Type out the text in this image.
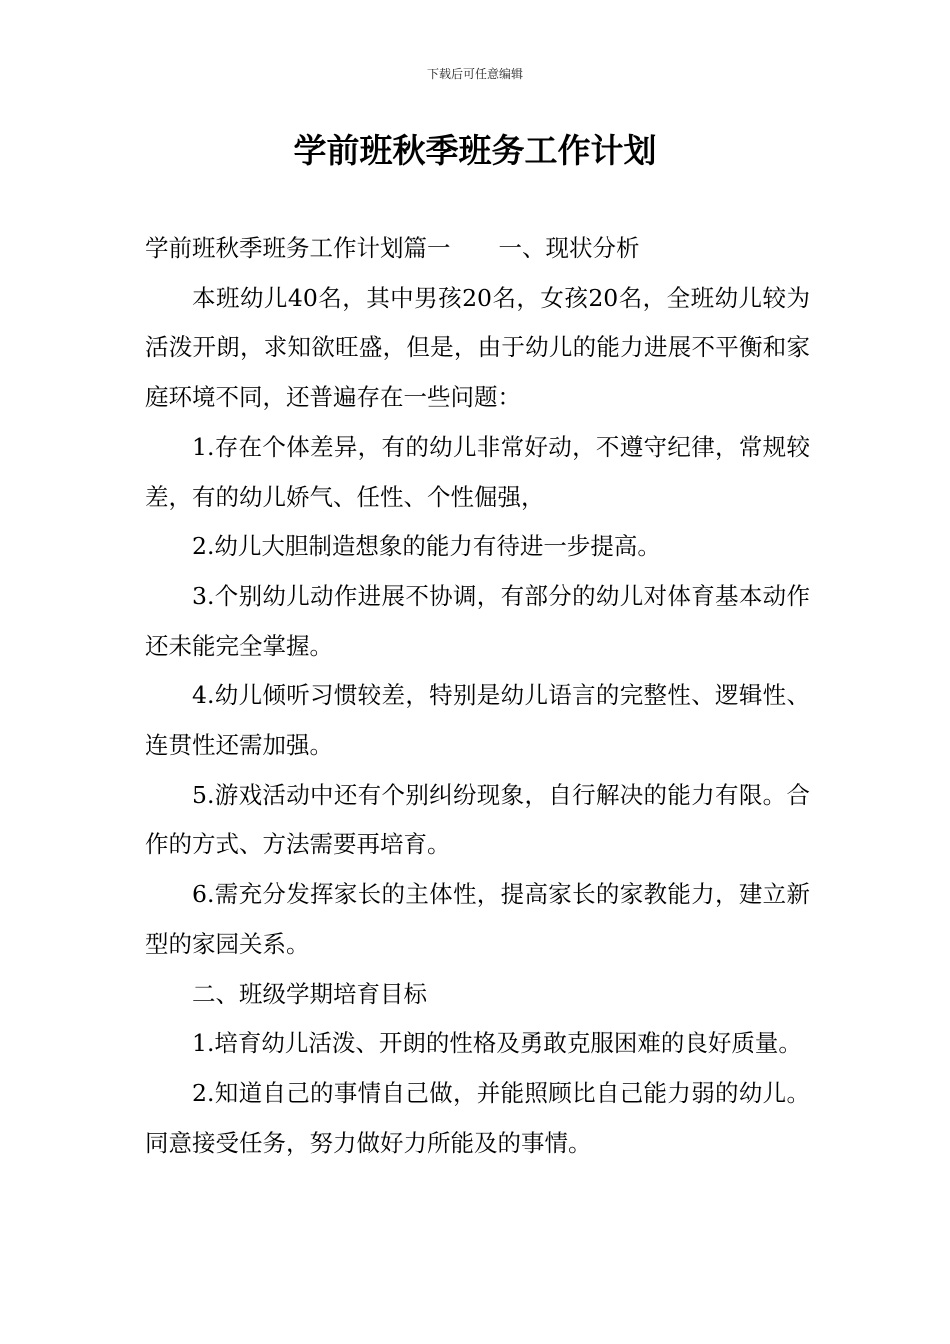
下载后可任意编辑
学前班秋季班务工作计划

学前班秋季班务工作计划篇一 一、现状分析

本班幼儿40名，其中男孩20名，女孩20名，全班幼儿较为活泼开朗，求知欲旺盛，但是，由于幼儿的能力进展不平衡和家庭环境不同，还普遍存在一些问题：

1.存在个体差异，有的幼儿非常好动，不遵守纪律，常规较差，有的幼儿娇气、任性、个性倔强，

2.幼儿大胆制造想象的能力有待进一步提高。

3.个别幼儿动作进展不协调，有部分的幼儿对体育基本动作还未能完全掌握。

4.幼儿倾听习惯较差，特别是幼儿语言的完整性、逻辑性、连贯性还需加强。

5.游戏活动中还有个别纠纷现象，自行解决的能力有限。合作的方式、方法需要再培育。

6.需充分发挥家长的主体性，提高家长的家教能力，建立新型的家园关系。

二、班级学期培育目标

1.培育幼儿活泼、开朗的性格及勇敢克服困难的良好质量。

2.知道自己的事情自己做，并能照顾比自己能力弱的幼儿。同意接受任务，努力做好力所能及的事情。
